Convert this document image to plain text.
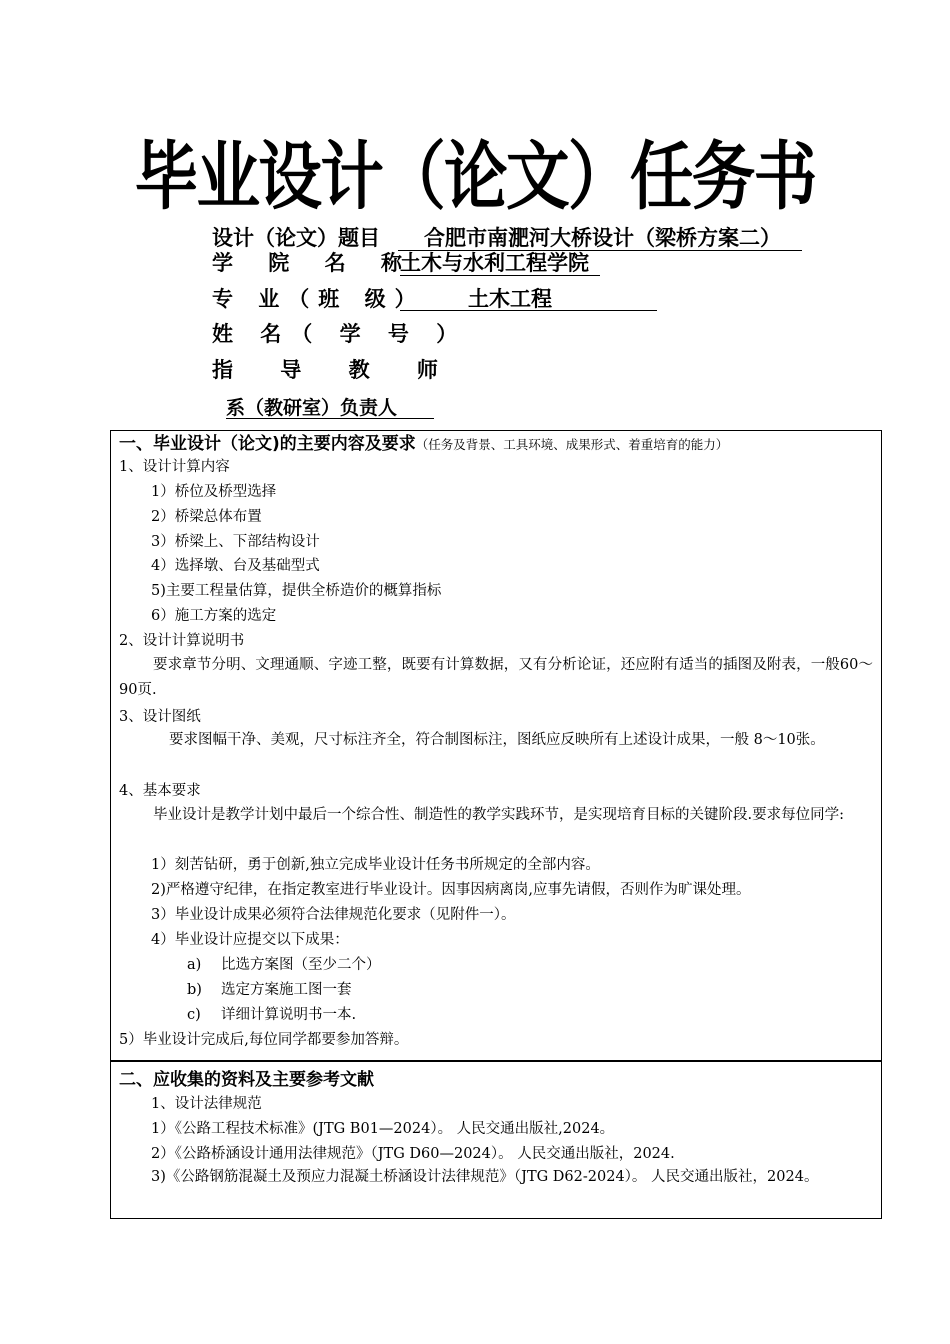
毕业设计（论文）任务书
设计（论文）题目 合肥市南淝河大桥设计（梁桥方案二）
学 院 名 称
土木与水利工程学院
专 业（班 级） 土木工程
姓 名（ 学 号 ）
指 导 教 师
系（教研室）负责人
一、毕业设计（论文)的主要内容及要求（任务及背景、工具环境、成果形式、着重培育的能力）
1、设计计算内容
1）桥位及桥型选择
2）桥梁总体布置
3）桥梁上、下部结构设计
4）选择墩、台及基础型式
5)主要工程量估算，提供全桥造价的概算指标
6）施工方案的选定
2、设计计算说明书
要求章节分明、文理通顺、字迹工整，既要有计算数据，又有分析论证，还应附有适当的插图及附表，一般60～90页.
3、设计图纸
要求图幅干净、美观，尺寸标注齐全，符合制图标注，图纸应反映所有上述设计成果，一般 8～10张。
4、基本要求
毕业设计是教学计划中最后一个综合性、制造性的教学实践环节，是实现培育目标的关键阶段.要求每位同学:
1）刻苦钻研，勇于创新,独立完成毕业设计任务书所规定的全部内容。
2)严格遵守纪律，在指定教室进行毕业设计。因事因病离岗,应事先请假，否则作为旷课处理。
3）毕业设计成果必须符合法律规范化要求（见附件一）。
4）毕业设计应提交以下成果：
a) 比选方案图（至少二个）
b) 选定方案施工图一套
c) 详细计算说明书一本.
5）毕业设计完成后,每位同学都要参加答辩。
二、应收集的资料及主要参考文献
1、设计法律规范
1）《公路工程技术标准》(JTG B01—2024）。 人民交通出版社,2024。
2）《公路桥涵设计通用法律规范》（JTG D60—2024）。 人民交通出版社，2024.
3)《公路钢筋混凝土及预应力混凝土桥涵设计法律规范》（JTG D62-2024）。 人民交通出版社，2024。
